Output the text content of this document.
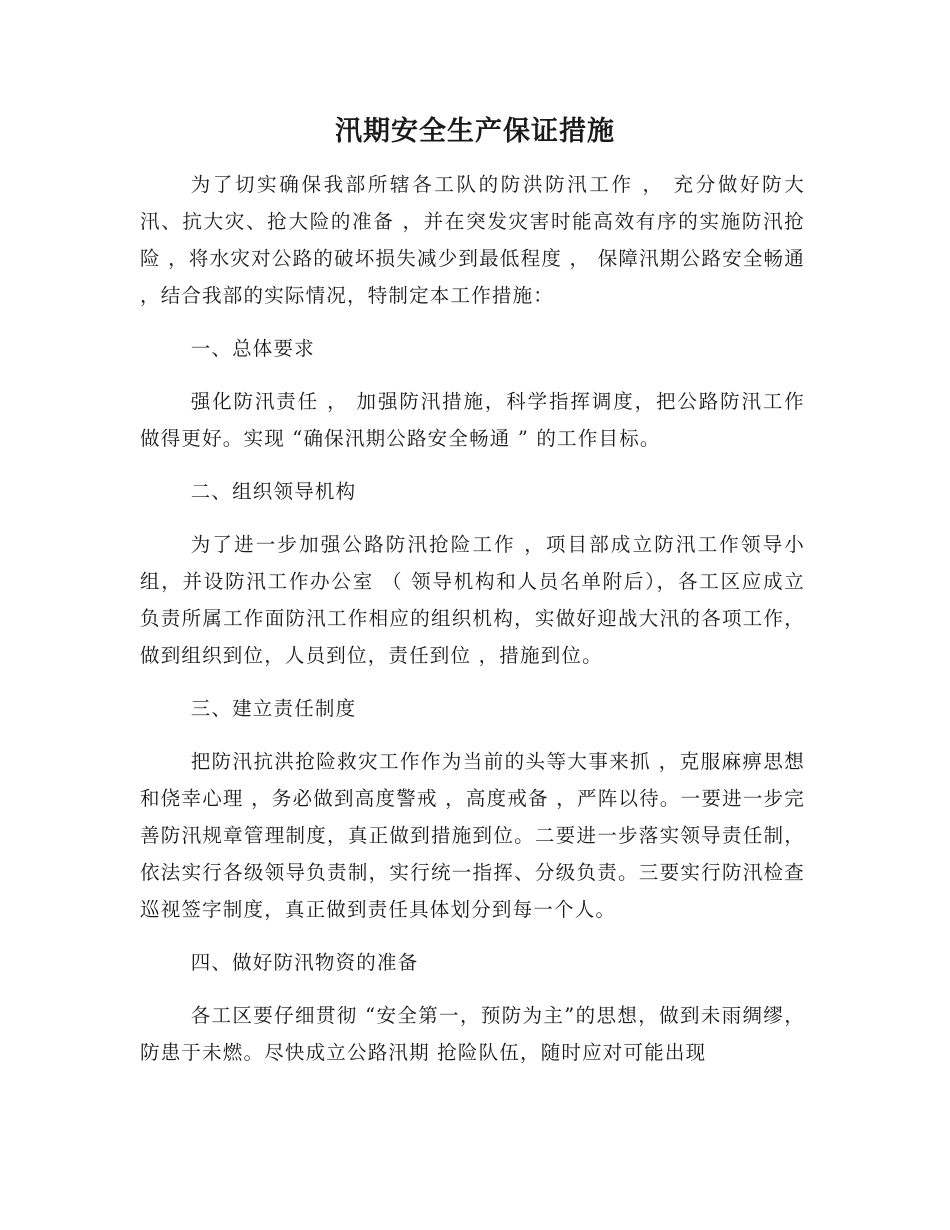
汛期安全生产保证措施

为了切实确保我部所辖各工队的防洪防汛工作 ， 充分做好防大汛、抗大灾、抢大险的准备 ，并在突发灾害时能高效有序的实施防汛抢险 ，将水灾对公路的破坏损失减少到最低程度 ， 保障汛期公路安全畅通 ，结合我部的实际情况，特制定本工作措施：

一、总体要求

强化防汛责任 ， 加强防汛措施，科学指挥调度，把公路防汛工作做得更好。实现 “确保汛期公路安全畅通 ” 的工作目标。

二、组织领导机构

为了进一步加强公路防汛抢险工作 ，项目部成立防汛工作领导小组，并设防汛工作办公室 （ 领导机构和人员名单附后），各工区应成立负责所属工作面防汛工作相应的组织机构，实做好迎战大汛的各项工作，做到组织到位，人员到位，责任到位 ，措施到位。

三、建立责任制度

把防汛抗洪抢险救灾工作作为当前的头等大事来抓 ，克服麻痹思想和侥幸心理 ，务必做到高度警戒 ，高度戒备 ，严阵以待。一要进一步完善防汛规章管理制度，真正做到措施到位。二要进一步落实领导责任制，依法实行各级领导负责制，实行统一指挥、分级负责。三要实行防汛检查巡视签字制度，真正做到责任具体划分到每一个人。

四、做好防汛物资的准备

各工区要仔细贯彻 “安全第一，预防为主”的思想，做到未雨绸缪，防患于未燃。尽快成立公路汛期 抢险队伍，随时应对可能出现
